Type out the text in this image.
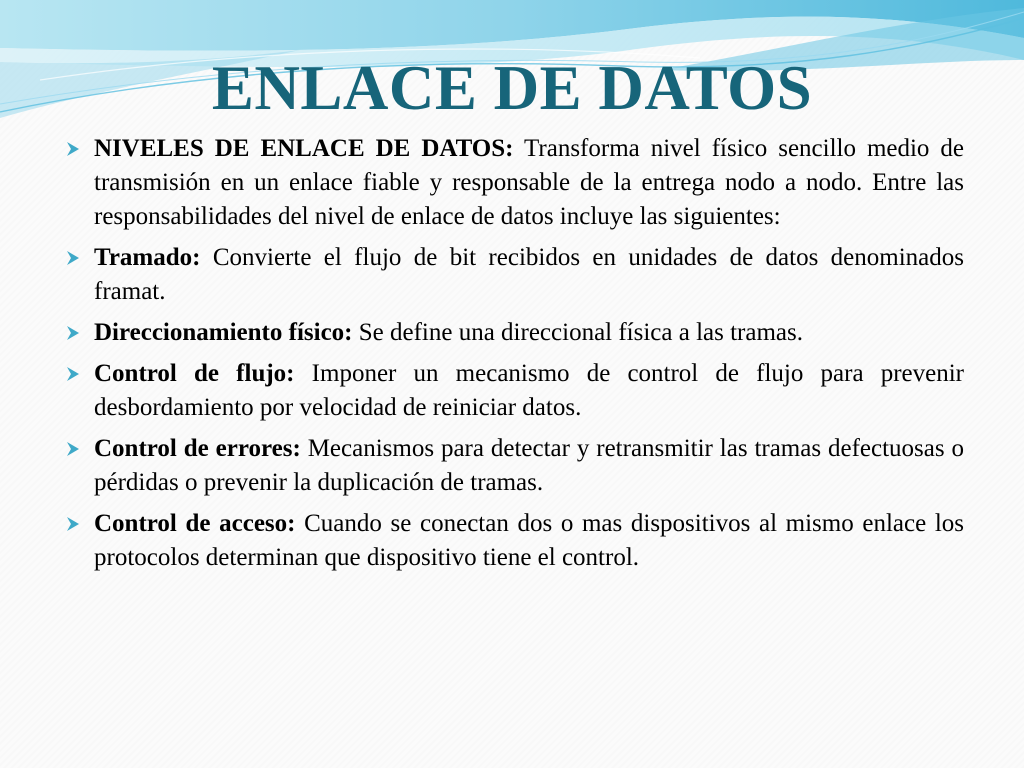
ENLACE DE DATOS
NIVELES DE ENLACE DE DATOS: Transforma nivel físico sencillo medio de transmisión en un enlace fiable y responsable de la entrega nodo a nodo. Entre las responsabilidades del nivel de enlace de datos incluye las siguientes:
Tramado: Convierte el flujo de bit recibidos en unidades de datos denominados framat.
Direccionamiento físico: Se define una direccional física a las tramas.
Control de flujo: Imponer un mecanismo de control de flujo para prevenir desbordamiento por velocidad de reiniciar datos.
Control de errores: Mecanismos para detectar y retransmitir las tramas defectuosas o pérdidas o prevenir la duplicación de tramas.
Control de acceso: Cuando se conectan dos o mas dispositivos al mismo enlace los protocolos determinan que dispositivo tiene el control.
